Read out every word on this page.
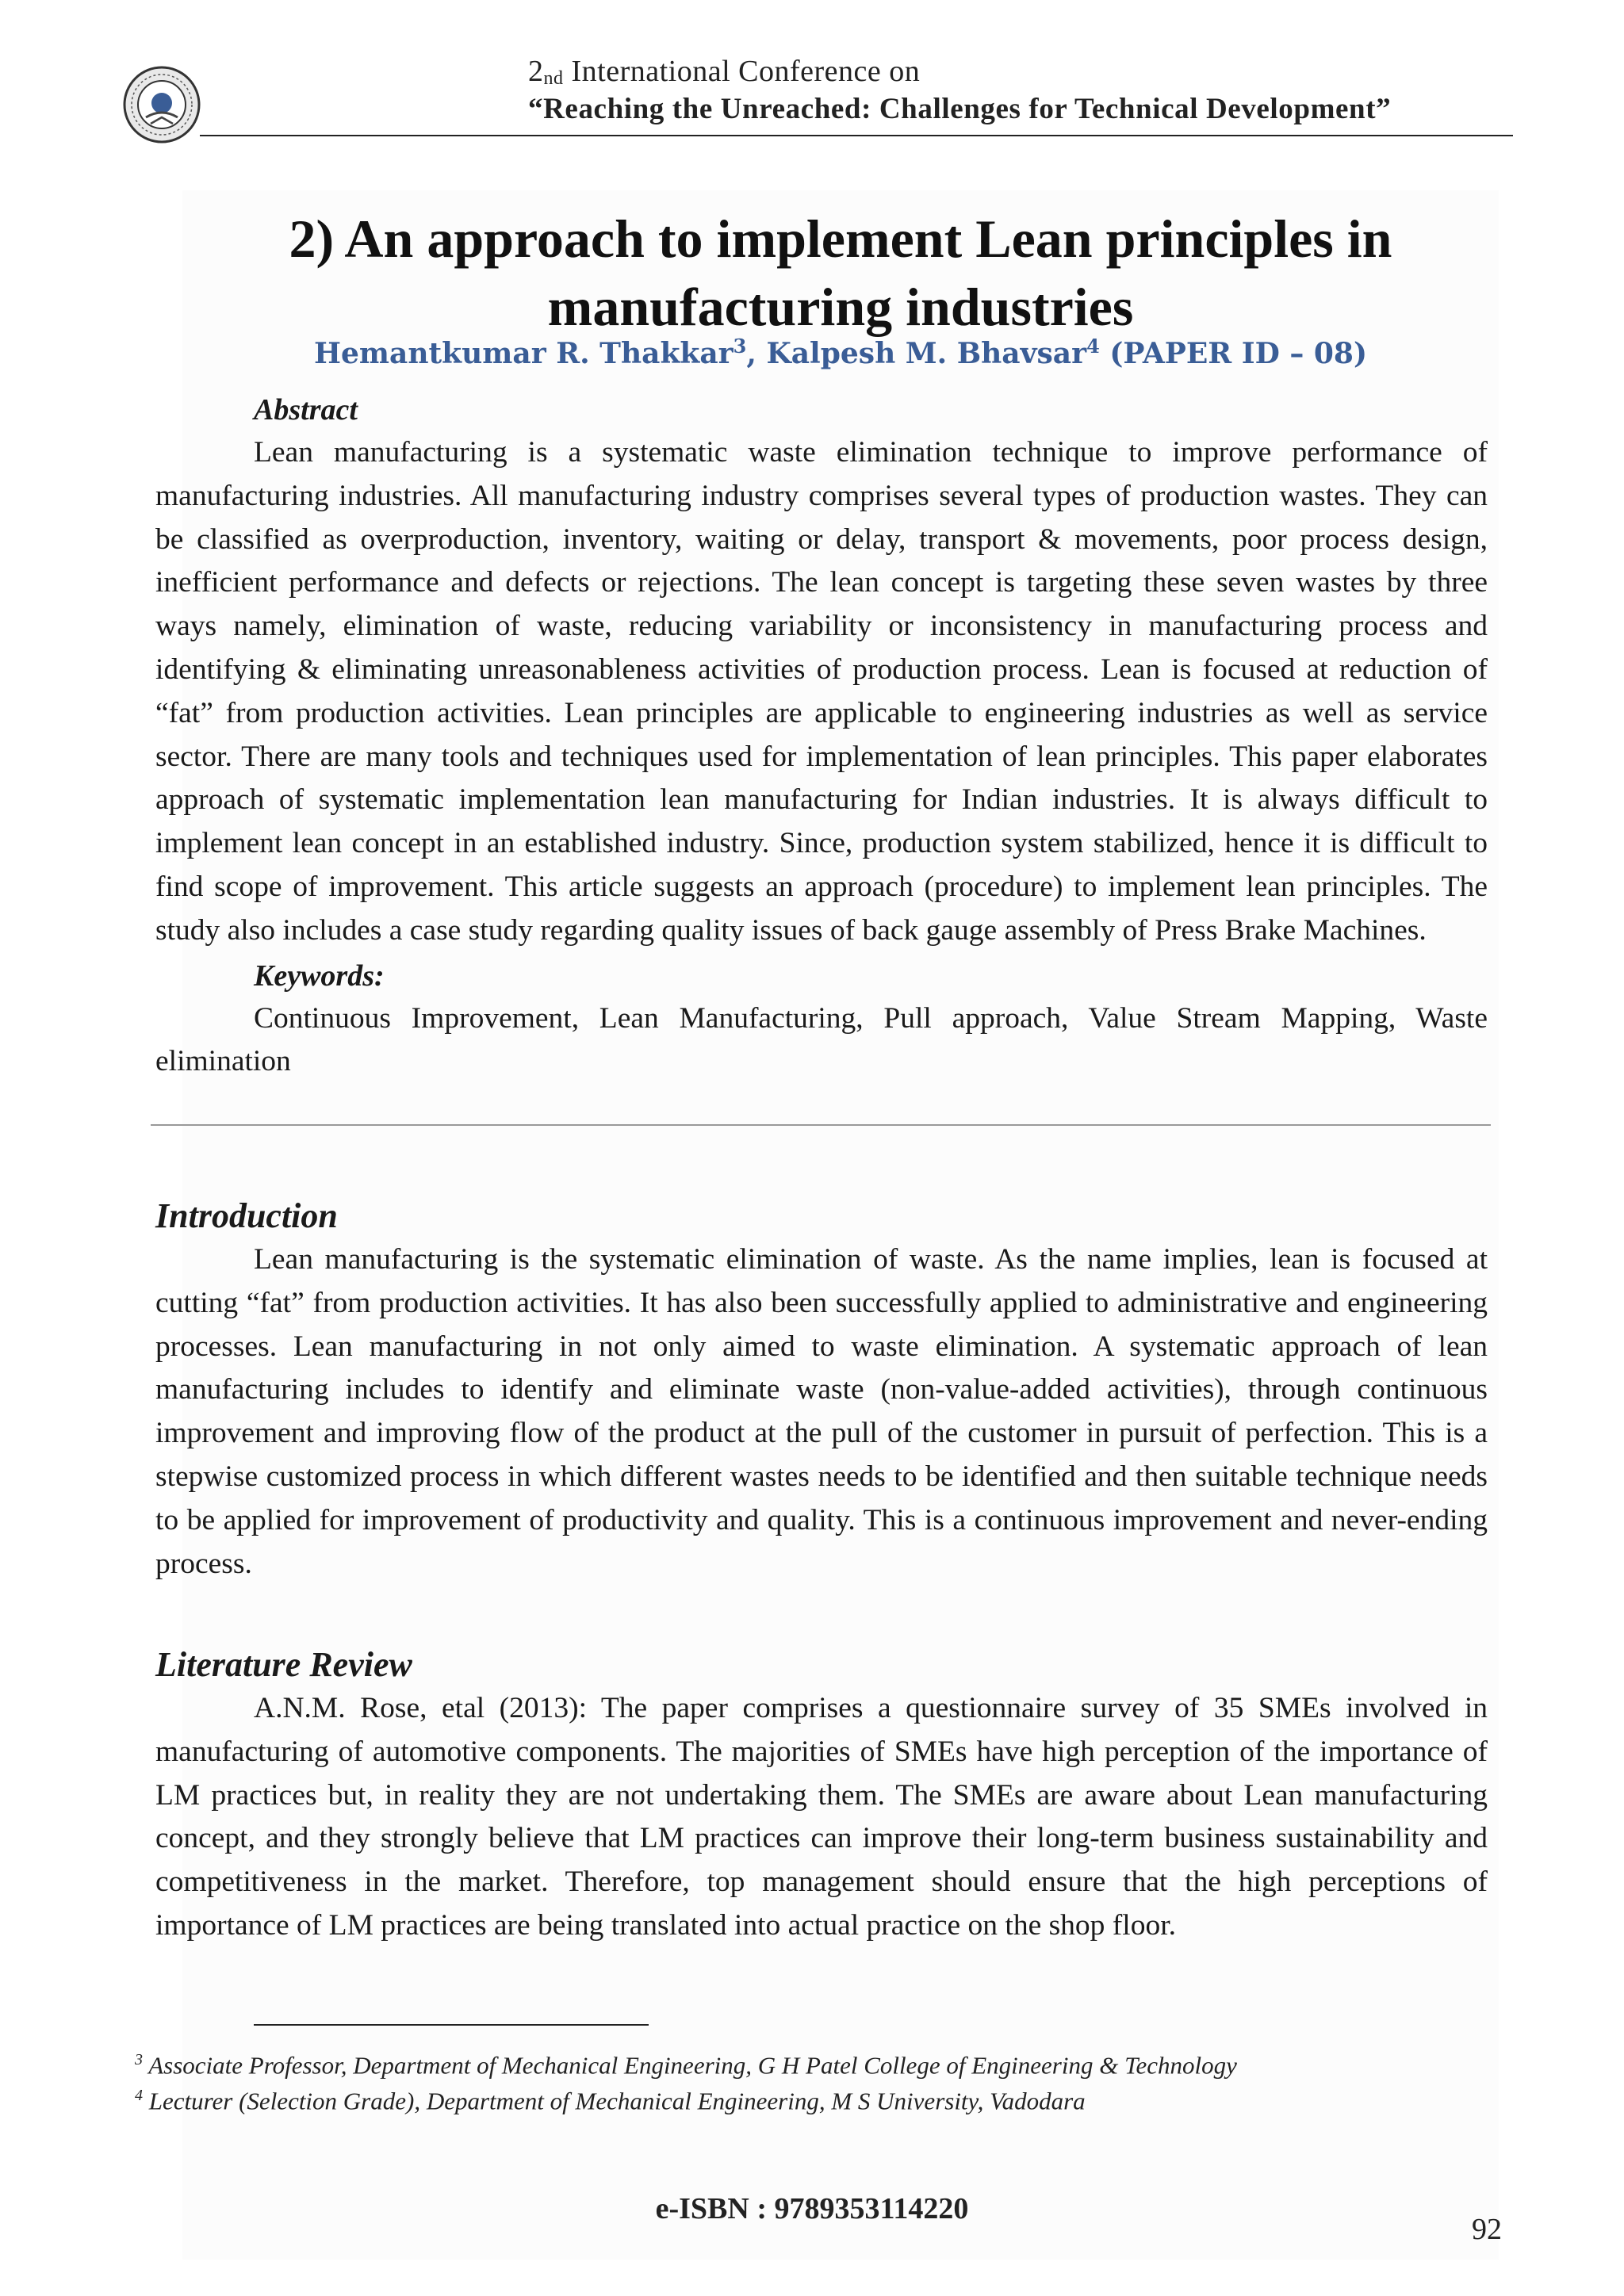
$2_{nd}$ International Conference on
“Reaching the Unreached: Challenges for Technical Development”
2) An approach to implement Lean principles in
manufacturing industries
Hemantkumar R. Thakkar$^3$, Kalpesh M. Bhavsar$^4$ (PAPER ID – 08)

Abstract

Lean manufacturing is a systematic waste elimination technique to improve performance of manufacturing industries. All manufacturing industry comprises several types of production wastes. They can be classified as overproduction, inventory, waiting or delay, transport & movements, poor process design, inefficient performance and defects or rejections. The lean concept is targeting these seven wastes by three ways namely, elimination of waste, reducing variability or inconsistency in manufacturing process and identifying & eliminating unreasonableness activities of production process. Lean is focused at reduction of “fat” from production activities. Lean principles are applicable to engineering industries as well as service sector. There are many tools and techniques used for implementation of lean principles. This paper elaborates approach of systematic implementation lean manufacturing for Indian industries. It is always difficult to implement lean concept in an established industry. Since, production system stabilized, hence it is difficult to find scope of improvement. This article suggests an approach (procedure) to implement lean principles. The study also includes a case study regarding quality issues of back gauge assembly of Press Brake Machines.

Keywords:

Continuous Improvement, Lean Manufacturing, Pull approach, Value Stream Mapping, Waste elimination

Introduction

Lean manufacturing is the systematic elimination of waste. As the name implies, lean is focused at cutting “fat” from production activities. It has also been successfully applied to administrative and engineering processes. Lean manufacturing in not only aimed to waste elimination. A systematic approach of lean manufacturing includes to identify and eliminate waste (non-value-added activities), through continuous improvement and improving flow of the product at the pull of the customer in pursuit of perfection. This is a stepwise customized process in which different wastes needs to be identified and then suitable technique needs to be applied for improvement of productivity and quality. This is a continuous improvement and never-ending process.

Literature Review

A.N.M. Rose, etal (2013): The paper comprises a questionnaire survey of 35 SMEs involved in manufacturing of automotive components. The majorities of SMEs have high perception of the importance of LM practices but, in reality they are not undertaking them. The SMEs are aware about Lean manufacturing concept, and they strongly believe that LM practices can improve their long-term business sustainability and competitiveness in the market. Therefore, top management should ensure that the high perceptions of importance of LM practices are being translated into actual practice on the shop floor.

$^3$ Associate Professor, Department of Mechanical Engineering, G H Patel College of Engineering & Technology
$^4$ Lecturer (Selection Grade), Department of Mechanical Engineering, M S University, Vadodara
e-ISBN : 9789353114220
92
